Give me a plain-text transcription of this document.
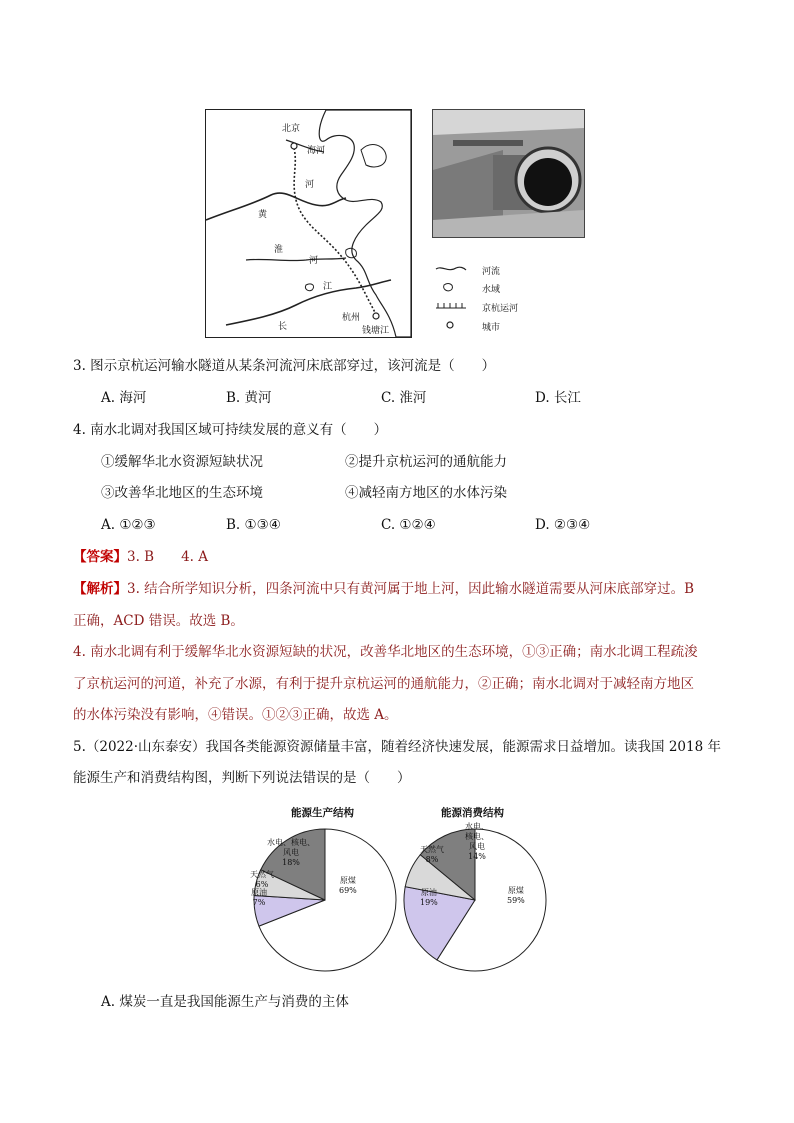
北京
海河
河
黄
河
淮
江
长
杭州
钱塘江
河流
水域
京杭运河
城市
3. 图示京杭运河输水隧道从某条河流河床底部穿过，该河流是（　　）
A. 海河	B. 黄河	C. 淮河	D. 长江
4. 南水北调对我国区域可持续发展的意义有（　　）
①缓解华北水资源短缺状况	②提升京杭运河的通航能力
③改善华北地区的生态环境	④减轻南方地区的水体污染
A. ①②③	B. ①③④	C. ①②④	D. ②③④
【答案】3. B　　4. A
【解析】3. 结合所学知识分析，四条河流中只有黄河属于地上河，因此输水隧道需要从河床底部穿过。B
正确，ACD 错误。故选 B。
4. 南水北调有利于缓解华北水资源短缺的状况，改善华北地区的生态环境，①③正确；南水北调工程疏浚
了京杭运河的河道，补充了水源，有利于提升京杭运河的通航能力，②正确；南水北调对于减轻南方地区
的水体污染没有影响，④错误。①②③正确，故选 A。
5.（2022·山东泰安）我国各类能源资源储量丰富，随着经济快速发展，能源需求日益增加。读我国 2018 年
能源生产和消费结构图，判断下列说法错误的是（　　）
能源生产结构	能源消费结构
原煤
69%
原油
7%
天然气
6%
水电、核电、风电
18%
原煤
59%
原油
19%
天然气
8%
水电、核电、风电
14%
A. 煤炭一直是我国能源生产与消费的主体
